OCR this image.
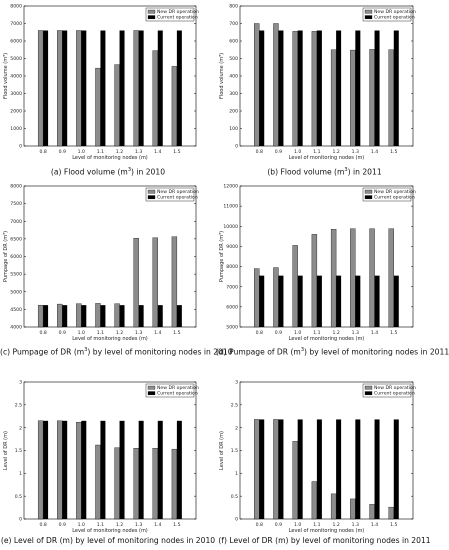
0
1000
2000
3000
4000
5000
6000
7000
8000
0.8	0.9	1.0	1.1	1.2	1.3	1.4	1.5
Level of monitoring nodes (m)
Flood volume (m³)
New DR operation
Current operation
(a) Flood volume $(m^3)$ in 2010
0
100
200
300
400
500
600
700
800
0.8	0.9	1.0	1.1	1.2	1.3	1.4	1.5
Level of monitoring nodes (m)
Flood volume (m³)
New DR operation
Current operation
(b) Flood volume $(m^3)$ in 2011
4000
4500
5000
5500
6000
6500
7000
7500
8000
0.8	0.9	1.0	1.1	1.2	1.3	1.4	1.5
Level of monitoring nodes (m)
Pumpage of DR (m³)
New DR operation
Current operation
(c) Pumpage of DR $(m^3)$ by level of monitoring nodes in 2010
5000
6000
7000
8000
9000
10000
11000
12000
0.8	0.9	1.0	1.1	1.2	1.3	1.4	1.5
Level of monitoring nodes (m)
Pumpage of DR (m³)
New DR operation
Current operation
(d) Pumpage of DR $(m^3)$ by level of monitoring nodes in 2011
0
0.5
1
1.5
2
2.5
3
0.8	0.9	1.0	1.1	1.2	1.3	1.4	1.5
Level of monitoring nodes (m)
Level of DR (m)
New DR operation
Current operation
(e) Level of DR (m) by level of monitoring nodes in 2010
0
0.5
1
1.5
2
2.5
3
0.8	0.9	1.0	1.1	1.2	1.3	1.4	1.5
Level of monitoring nodes (m)
Level of DR (m)
New DR operation
Current operation
(f) Level of DR (m) by level of monitoring nodes in 2011
